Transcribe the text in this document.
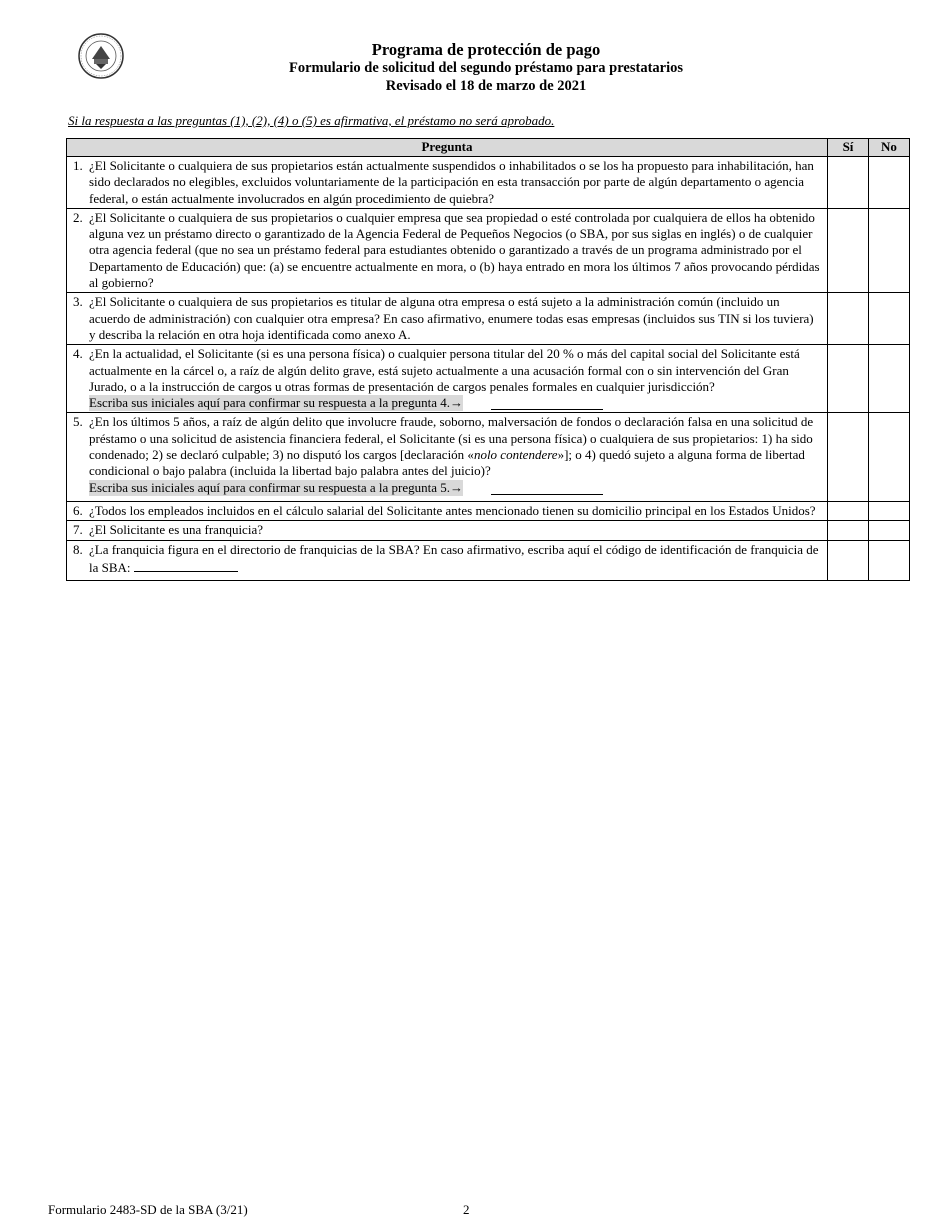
Programa de protección de pago
Formulario de solicitud del segundo préstamo para prestatarios
Revisado el 18 de marzo de 2021
Si la respuesta a las preguntas (1), (2), (4) o (5) es afirmativa, el préstamo no será aprobado.
Pregunta	Sí	No

1. ¿El Solicitante o cualquiera de sus propietarios están actualmente suspendidos o inhabilitados o se los ha propuesto para inhabilitación, han sido declarados no elegibles, excluidos voluntariamente de la participación en esta transacción por parte de algún departamento o agencia federal, o están actualmente involucrados en algún procedimiento de quiebra?		

2. ¿El Solicitante o cualquiera de sus propietarios o cualquier empresa que sea propiedad o esté controlada por cualquiera de ellos ha obtenido alguna vez un préstamo directo o garantizado de la Agencia Federal de Pequeños Negocios (o SBA, por sus siglas en inglés) o de cualquier otra agencia federal (que no sea un préstamo federal para estudiantes obtenido o garantizado a través de un programa administrado por el Departamento de Educación) que: (a) se encuentre actualmente en mora, o (b) haya entrado en mora los últimos 7 años provocando pérdidas al gobierno?		

3. ¿El Solicitante o cualquiera de sus propietarios es titular de alguna otra empresa o está sujeto a la administración común (incluido un acuerdo de administración) con cualquier otra empresa? En caso afirmativo, enumere todas esas empresas (incluidos sus TIN si los tuviera) y describa la relación en otra hoja identificada como anexo A.		

4. ¿En la actualidad, el Solicitante (si es una persona física) o cualquier persona titular del 20 % o más del capital social del Solicitante está actualmente en la cárcel o, a raíz de algún delito grave, está sujeto actualmente a una acusación formal con o sin intervención del Gran Jurado, o a la instrucción de cargos u otras formas de presentación de cargos penales formales en cualquier jurisdicción?
Escriba sus iniciales aquí para confirmar su respuesta a la pregunta 4.→		

5. ¿En los últimos 5 años, a raíz de algún delito que involucre fraude, soborno, malversación de fondos o declaración falsa en una solicitud de préstamo o una solicitud de asistencia financiera federal, el Solicitante (si es una persona física) o cualquiera de sus propietarios: 1) ha sido condenado; 2) se declaró culpable; 3) no disputó los cargos [declaración «nolo contendere»]; o 4) quedó sujeto a alguna forma de libertad condicional o bajo palabra (incluida la libertad bajo palabra antes del juicio)?
Escriba sus iniciales aquí para confirmar su respuesta a la pregunta 5.→		

6. ¿Todos los empleados incluidos en el cálculo salarial del Solicitante antes mencionado tienen su domicilio principal en los Estados Unidos?		

7. ¿El Solicitante es una franquicia?		

8. ¿La franquicia figura en el directorio de franquicias de la SBA? En caso afirmativo, escriba aquí el código de identificación de franquicia de la SBA:		

Formulario 2483-SD de la SBA (3/21)	2
